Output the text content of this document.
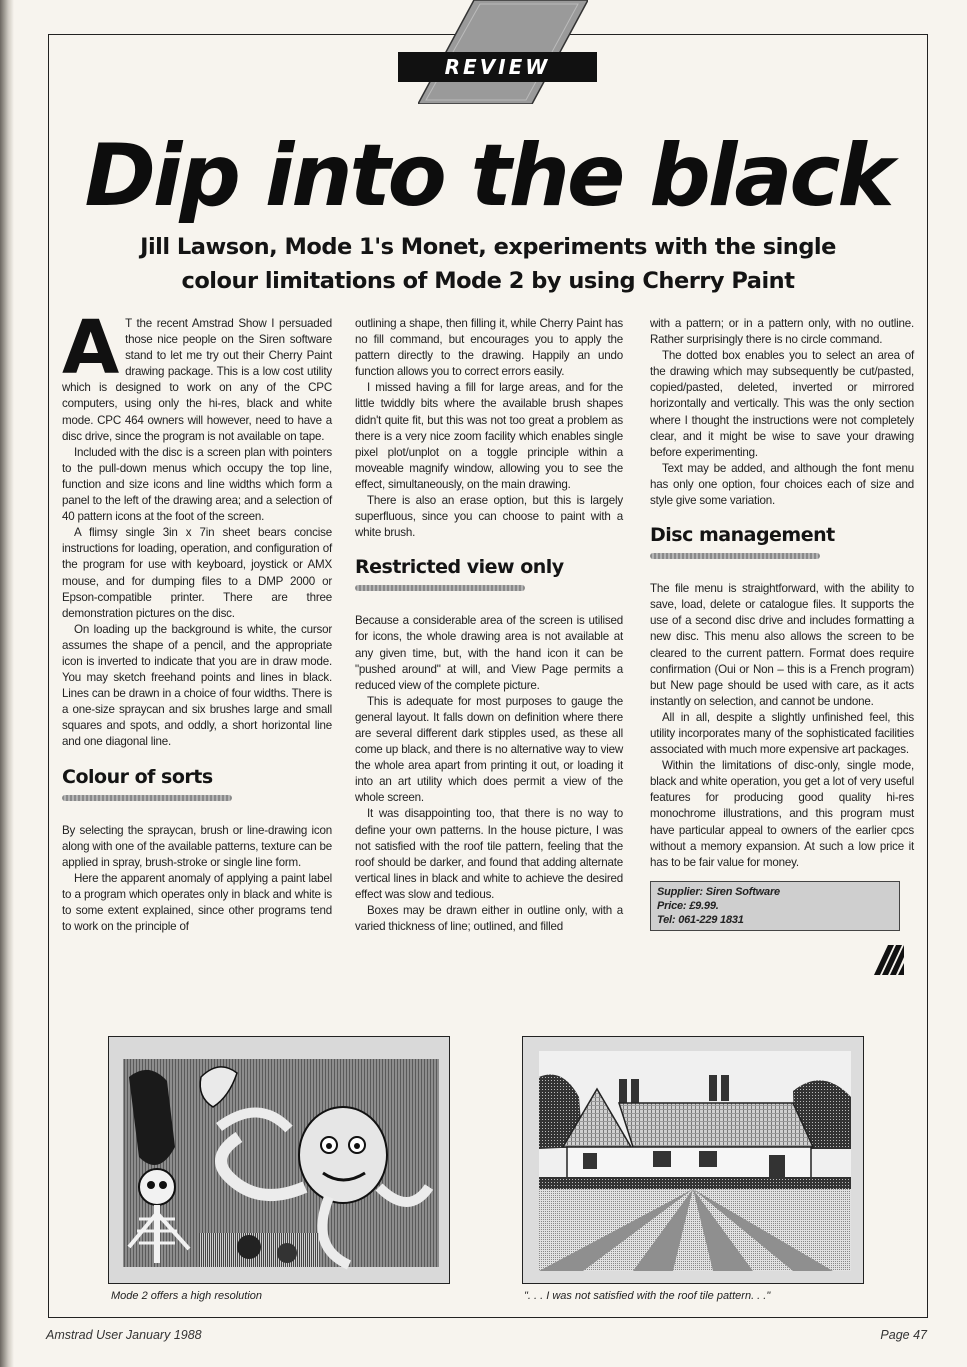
REVIEW
Dip into the black
Jill Lawson, Mode 1's Monet, experiments with the single colour limitations of Mode 2 by using Cherry Paint

A T the recent Amstrad Show I persuaded those nice people on the Siren software stand to let me try out their Cherry Paint drawing package. This is a low cost utility which is designed to work on any of the CPC computers, using only the hi-res, black and white mode. CPC 464 owners will however, need to have a disc drive, since the program is not available on tape.

Included with the disc is a screen plan with pointers to the pull-down menus which occupy the top line, function and size icons and line widths which form a panel to the left of the drawing area; and a selection of 40 pattern icons at the foot of the screen.

A flimsy single 3in x 7in sheet bears concise instructions for loading, operation, and configuration of the program for use with keyboard, joystick or AMX mouse, and for dumping files to a DMP 2000 or Epson-compatible printer. There are three demonstration pictures on the disc.

On loading up the background is white, the cursor assumes the shape of a pencil, and the appropriate icon is inverted to indicate that you are in draw mode. You may sketch freehand points and lines in black. Lines can be drawn in a choice of four widths. There is a one-size spraycan and six brushes large and small squares and spots, and oddly, a short horizontal line and one diagonal line.

Colour of sorts

By selecting the spraycan, brush or line-drawing icon along with one of the available patterns, texture can be applied in spray, brush-stroke or single line form.

Here the apparent anomaly of applying a paint label to a program which operates only in black and white is to some extent explained, since other programs tend to work on the principle of

outlining a shape, then filling it, while Cherry Paint has no fill command, but encourages you to apply the pattern directly to the drawing. Happily an undo function allows you to correct errors easily.

I missed having a fill for large areas, and for the little twiddly bits where the available brush shapes didn't quite fit, but this was not too great a problem as there is a very nice zoom facility which enables single pixel plot/unplot on a toggle principle within a moveable magnify window, allowing you to see the effect, simultaneously, on the main drawing.

There is also an erase option, but this is largely superfluous, since you can choose to paint with a white brush.

Restricted view only

Because a considerable area of the screen is utilised for icons, the whole drawing area is not available at any given time, but, with the hand icon it can be "pushed around" at will, and View Page permits a reduced view of the complete picture.

This is adequate for most purposes to gauge the general layout. It falls down on definition where there are several different dark stipples used, as these all come up black, and there is no alternative way to view the whole area apart from printing it out, or loading it into an art utility which does permit a view of the whole screen.

It was disappointing too, that there is no way to define your own patterns. In the house picture, I was not satisfied with the roof tile pattern, feeling that the roof should be darker, and found that adding alternate vertical lines in black and white to achieve the desired effect was slow and tedious.

Boxes may be drawn either in outline only, with a varied thickness of line; outlined, and filled

with a pattern; or in a pattern only, with no outline. Rather surprisingly there is no circle command.

The dotted box enables you to select an area of the drawing which may subsequently be cut/pasted, copied/pasted, deleted, inverted or mirrored horizontally and vertically. This was the only section where I thought the instructions were not completely clear, and it might be wise to save your drawing before experimenting.

Text may be added, and although the font menu has only one option, four choices each of size and style give some variation.

Disc management

The file menu is straightforward, with the ability to save, load, delete or catalogue files. It supports the use of a second disc drive and includes formatting a new disc. This menu also allows the screen to be cleared to the current pattern. Format does require confirmation (Oui or Non – this is a French program) but New page should be used with care, as it acts instantly on selection, and cannot be undone.

All in all, despite a slightly unfinished feel, this utility incorporates many of the sophisticated facilities associated with much more expensive art packages.

Within the limitations of disc-only, single mode, black and white operation, you get a lot of very useful features for producing good quality hi-res monochrome illustrations, and this program must have particular appeal to owners of the earlier cpcs without a memory expansion. At such a low price it has to be fair value for money.

Supplier: Siren Software
Price: £9.99.
Tel: 061-229 1831
Mode 2 offers a high resolution	". . . I was not satisfied with the roof tile pattern. . ."
Amstrad User January 1988	Page 47
